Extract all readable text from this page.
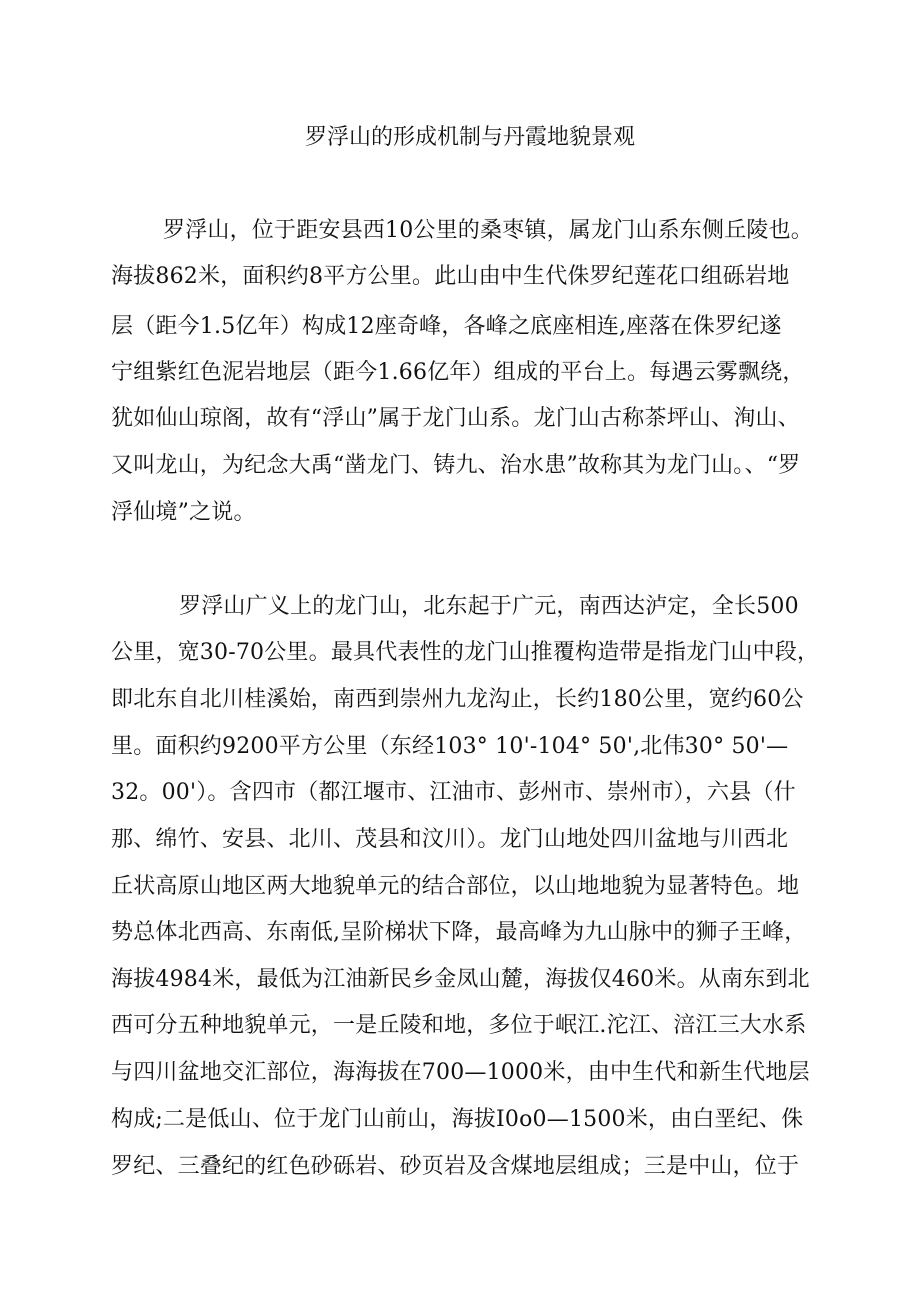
罗浮山的形成机制与丹霞地貌景观
罗浮山，位于距安县西10公里的桑枣镇，属龙门山系东侧丘陵也。
海拔862米，面积约8平方公里。此山由中生代侏罗纪莲花口组砾岩地
层（距今1.5亿年）构成12座奇峰，各峰之底座相连,座落在侏罗纪遂
宁组紫红色泥岩地层（距今1.66亿年）组成的平台上。每遇云雾飘绕，
犹如仙山琼阁，故有“浮山”属于龙门山系。龙门山古称茶坪山、洵山、
又叫龙山，为纪念大禹“凿龙门、铸九、治水患”故称其为龙门山。、“罗
浮仙境”之说。
罗浮山广义上的龙门山，北东起于广元，南西达泸定，全长500
公里，宽30-70公里。最具代表性的龙门山推覆构造带是指龙门山中段，
即北东自北川桂溪始，南西到崇州九龙沟止，长约180公里，宽约60公
里。面积约9200平方公里（东经103° 10'-104° 50',北伟30° 50'—
32。00'）。含四市（都江堰市、江油市、彭州市、崇州市），六县（什
那、绵竹、安县、北川、茂县和汶川）。龙门山地处四川盆地与川西北
丘状高原山地区两大地貌单元的结合部位，以山地地貌为显著特色。地
势总体北西高、东南低,呈阶梯状下降，最高峰为九山脉中的狮子王峰，
海拔4984米，最低为江油新民乡金凤山麓，海拔仅460米。从南东到北
西可分五种地貌单元，一是丘陵和地，多位于岷江.沱江、涪江三大水系
与四川盆地交汇部位，海海拔在700—1000米，由中生代和新生代地层
构成;二是低山、位于龙门山前山，海拔I0o0—1500米，由白垩纪、侏
罗纪、三叠纪的红色砂砾岩、砂页岩及含煤地层组成；三是中山，位于
